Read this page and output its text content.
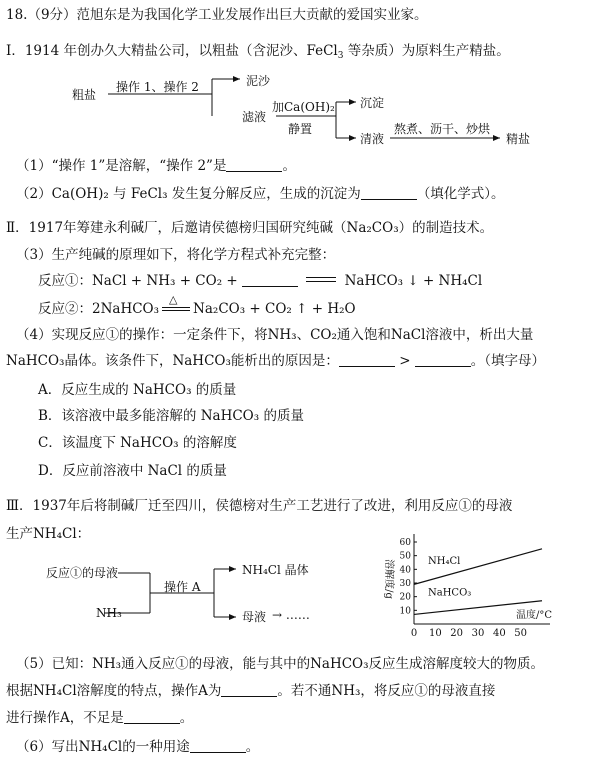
18.（9分）范旭东是为我国化学工业发展作出巨大贡献的爱国实业家。
Ⅰ．1914 年创办久大精盐公司，以粗盐（含泥沙、FeCl$_3$ 等杂质）为原料生产精盐。
粗盐
操作 1、操作 2	泥沙
滤液
加Ca(OH)₂
静置
沉淀
清液
熬煮、沥干、炒烘
精盐
（1）“操作 1”是溶解，“操作 2”是	。
（2）Ca(OH)₂ 与 FeCl₃ 发生复分解反应，生成的沉淀为	（填化学式）。
Ⅱ．1917年筹建永利碱厂，后邀请侯德榜归国研究纯碱（Na₂CO₃）的制造技术。
（3）生产纯碱的原理如下，将化学方程式补充完整：
反应①：NaCl + NH₃ + CO₂ +	NaHCO₃ ↓ + NH₄Cl
反应②：2NaHCO₃
△
Na₂CO₃ + CO₂ ↑ + H₂O
（4）实现反应①的操作：一定条件下，将NH₃、CO₂通入饱和NaCl溶液中，析出大量
NaHCO₃晶体。该条件下，NaHCO₃能析出的原因是：	>	。（填字母）
A．反应生成的 NaHCO₃ 的质量
B．该溶液中最多能溶解的 NaHCO₃ 的质量
C．该温度下 NaHCO₃ 的溶解度
D．反应前溶液中 NaCl 的质量
Ⅲ．1937年后将制碱厂迁至四川，侯德榜对生产工艺进行了改进，利用反应①的母液
生产NH₄Cl：
反应①的母液
NH₃
操作 A
NH₄Cl 晶体
母液 → ……
0 10 20 30 40 50
10
20
30
40
50
60
溶解度/g
温度/°C
NH₄Cl
NaHCO₃
（5）已知：NH₃通入反应①的母液，能与其中的NaHCO₃反应生成溶解度较大的物质。
根据NH₄Cl溶解度的特点，操作A为	。若不通NH₃，将反应①的母液直接
进行操作A，不足是	。
（6）写出NH₄Cl的一种用途	。
